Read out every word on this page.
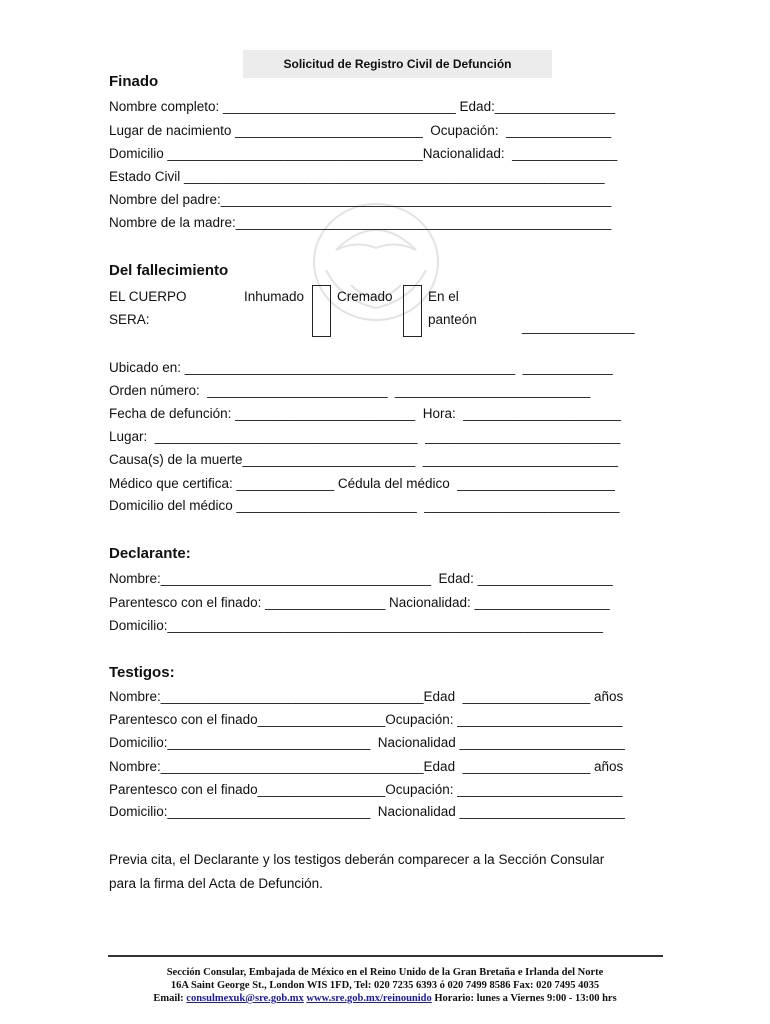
Solicitud de Registro Civil de Defunción
Finado
Nombre completo: _______________________________ Edad:________________
Lugar de nacimiento _________________________  Ocupación:  ______________
Domicilio __________________________________Nacionalidad:  ______________
Estado Civil ________________________________________________________
Nombre del padre:____________________________________________________
Nombre de la madre:__________________________________________________
Del fallecimiento
EL CUERPO
SERA:
Inhumado Cremado	En el
panteón	_______________
Ubicado en: ____________________________________________  ____________
Orden número:  ________________________  __________________________
Fecha de defunción: ________________________  Hora:  _____________________
Lugar:  ___________________________________  __________________________
Causa(s) de la muerte_______________________  __________________________
Médico que certifica: _____________ Cédula del médico  _____________________
Domicilio del médico ________________________  __________________________
Declarante:
Nombre:____________________________________  Edad: __________________
Parentesco con el finado: ________________ Nacionalidad: __________________
Domicilio:__________________________________________________________
Testigos:
Nombre:___________________________________Edad  _________________ años
Parentesco con el finado_________________Ocupación: ______________________
Domicilio:___________________________  Nacionalidad ______________________
Nombre:___________________________________Edad  _________________ años
Parentesco con el finado_________________Ocupación: ______________________
Domicilio:___________________________  Nacionalidad ______________________
Previa cita, el Declarante y los testigos deberán comparecer a la Sección Consular
para la firma del Acta de Defunción.
Sección Consular, Embajada de México en el Reino Unido de la Gran Bretaña e Irlanda del Norte
16A Saint George St., London WIS 1FD, Tel: 020 7235 6393 ó 020 7499 8586 Fax: 020 7495 4035
Email: consulmexuk@sre.gob.mx www.sre.gob.mx/reinounido Horario: lunes a Viernes 9:00 - 13:00 hrs
